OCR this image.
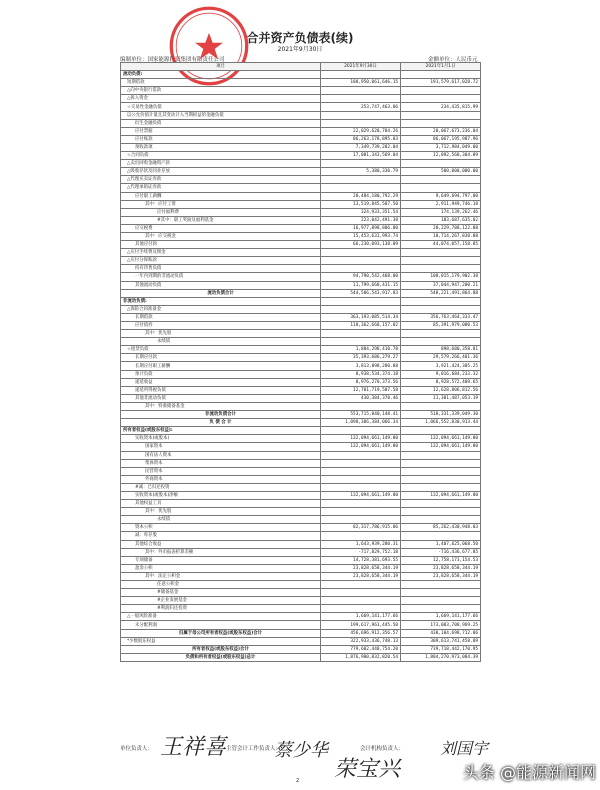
合并资产负债表(续)
2021年9月30日
编制单位：国家能源投资集团有限责任公司	金额单位：人民币元
项目	2021年9月30日	2021年1月1日
流动负债:		
短期借款	188,950,061,646.15	191,579,617,028.72
△向中央银行借款		
△拆入资金		
☆交易性金融负债	253,747,463.06	234,435,815.99
以公允价值计量且其变动计入当期损益的金融负债		
衍生金融负债		
应付票据	22,029,628,784.26	20,067,673,236.04
应付账款	86,263,178,895.03	86,067,195,987.96
预收款项	7,349,739,282.04	3,712,984,049.00
☆合同负债	17,081,343,569.04	12,092,568,304.89
△卖出回购金融资产款		
△吸收存款及同业存放	5,380,330.79	500,000,000.00
△代理买卖证券款		
△代理承销证券款		
应付职工薪酬	20,484,180,792.29	9,649,694,797.00
其中：应付工资	13,519,845,587.50	2,911,949,746.18
应付福利费	324,933,351.54	174,139,262.46
#其中：职工奖励及福利基金	223,042,491.38	183,687,635.02
应交税费	16,977,898,806.80	20,229,788,122.88
其中：应交税金	15,453,631,993.74	18,714,267,830.88
其他应付款	66,230,093,138.09	44,074,057,158.85
△应付手续费及佣金		
△应付分保账款		
持有待售负债		
一年内到期的非流动负债	94,790,542,468.00	108,015,179,902.38
其他流动负债	11,799,668,431.15	37,044,947,200.21
流动负债合计	544,586,543,917.83	548,221,491,864.88
非流动负债:		
△保险合同准备金		
长期借款	363,193,085,514.34	356,763,464,333.47
应付债券	118,362,668,157.02	85,391,979,080.53
其中：优先股		
永续债		
☆租赁负债	1,884,298,410.78	898,680,358.81
长期应付款	35,393,686,279.27	29,579,266,401.36
长期应付职工薪酬	3,813,098,280.88	3,921,424,305.25
预计负债	8,938,534,374.18	9,016,684,233.32
递延收益	8,976,270,373.56	8,928,572,409.65
递延所得税负债	12,701,719,507.58	12,628,806,812.56
其他非流动负债	430,384,370.46	11,301,487,053.19
其中：特准储备基金		
非流动负债合计	553,715,840,148.41	518,331,339,049.30
负 债 合 计	1,098,306,384,066.34	1,066,552,830,913.44
所有者权益(或股东权益):		
实收资本(或股本)	132,094,661,149.80	132,094,661,149.80
国家资本	132,094,661,149.80	132,094,661,149.80
国有法人资本		
集体资本		
民营资本		
外商资本		
#减：已归还投资		
实收资本(或股本)净额	132,094,661,149.80	132,094,661,149.80
其他权益工具		
其中：优先股		
永续债		
资本公积	82,317,786,915.06	85,262,430,948.03
减：库存股		
其他综合收益	1,643,939,280.31	1,407,625,068.50
其中：外币报表折算差额	-717,829,752.18	-716,436,677.85
专项储备	14,728,381,693.55	12,758,173,154.53
盈余公积	23,828,658,344.19	23,828,658,344.19
其中：法定公积金	23,828,658,344.19	23,828,658,344.19
任意公积金		
#储备基金		
#企业发展基金		
#利润归还投资		
△一般风险准备	1,669,141,177.66	1,669,141,177.66
未分配利润	199,617,961,445.50	173,083,708,969.25
归属于母公司所有者权益(或股东权益)合计	456,696,912,356.57	430,104,698,712.06
*少数股东权益	322,933,436,748.13	309,613,741,458.09
所有者权益(或股东权益)合计	779,602,448,754.20	739,718,442,170.95
负债和所有者权益(或股东权益)总计	1,876,900,832,820.54	1,804,270,973,084.39
单位负责人： 王祥喜 主管会计工作负责人：
蔡少华	会计机构负责人：
荣宝兴
刘国宇
2	头条 @能源新闻网
